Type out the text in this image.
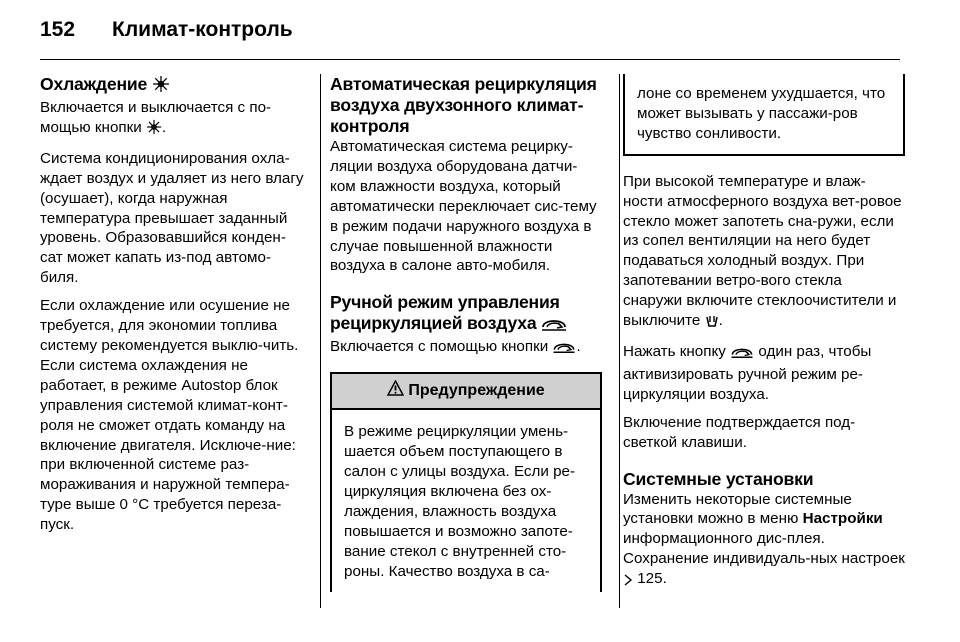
152	Климат-контроль
Охлаждение

Включается и выключается с по-мощью кнопки .

Система кондиционирования охла-ждает воздух и удаляет из него влагу (осушает), когда наружная температура превышает заданный уровень. Образовавшийся конден-сат может капать из-под автомо-биля.

Если охлаждение или осушение не требуется, для экономии топлива систему рекомендуется выклю-чить. Если система охлаждения не работает, в режиме Autostop блок управления системой климат-конт-роля не сможет отдать команду на включение двигателя. Исключе-ние: при включенной системе раз-мораживания и наружной темпера-туре выше 0 °C требуется переза-пуск.

Автоматическая рециркуляция воздуха двухзонного климат-контроля

Автоматическая система рецирку-ляции воздуха оборудована датчи-ком влажности воздуха, который автоматически переключает сис-тему в режим подачи наружного воздуха в случае повышенной влажности воздуха в салоне авто-мобиля.

Ручной режим управления рециркуляцией воздуха

Включается с помощью кнопки .

Предупреждение
В режиме рециркуляции умень-шается объем поступающего в салон с улицы воздуха. Если ре-циркуляция включена без ох-лаждения, влажность воздуха повышается и возможно запоте-вание стекол с внутренней сто-роны. Качество воздуха в са-
лоне со временем ухудшается, что может вызывать у пассажи-ров чувство сонливости.

При высокой температуре и влаж-ности атмосферного воздуха вет-ровое стекло может запотеть сна-ружи, если из сопел вентиляции на него будет подаваться холодный воздух. При запотевании ветро-вого стекла снаружи включите стеклоочистители и выключите .

Нажать кнопку один раз, чтобы активизировать ручной режим ре-циркуляции воздуха.

Включение подтверждается под-светкой клавиши.

Системные установки

Изменить некоторые системные установки можно в меню Настройки информационного дис-плея. Сохранение индивидуаль-ных настроек  125.
